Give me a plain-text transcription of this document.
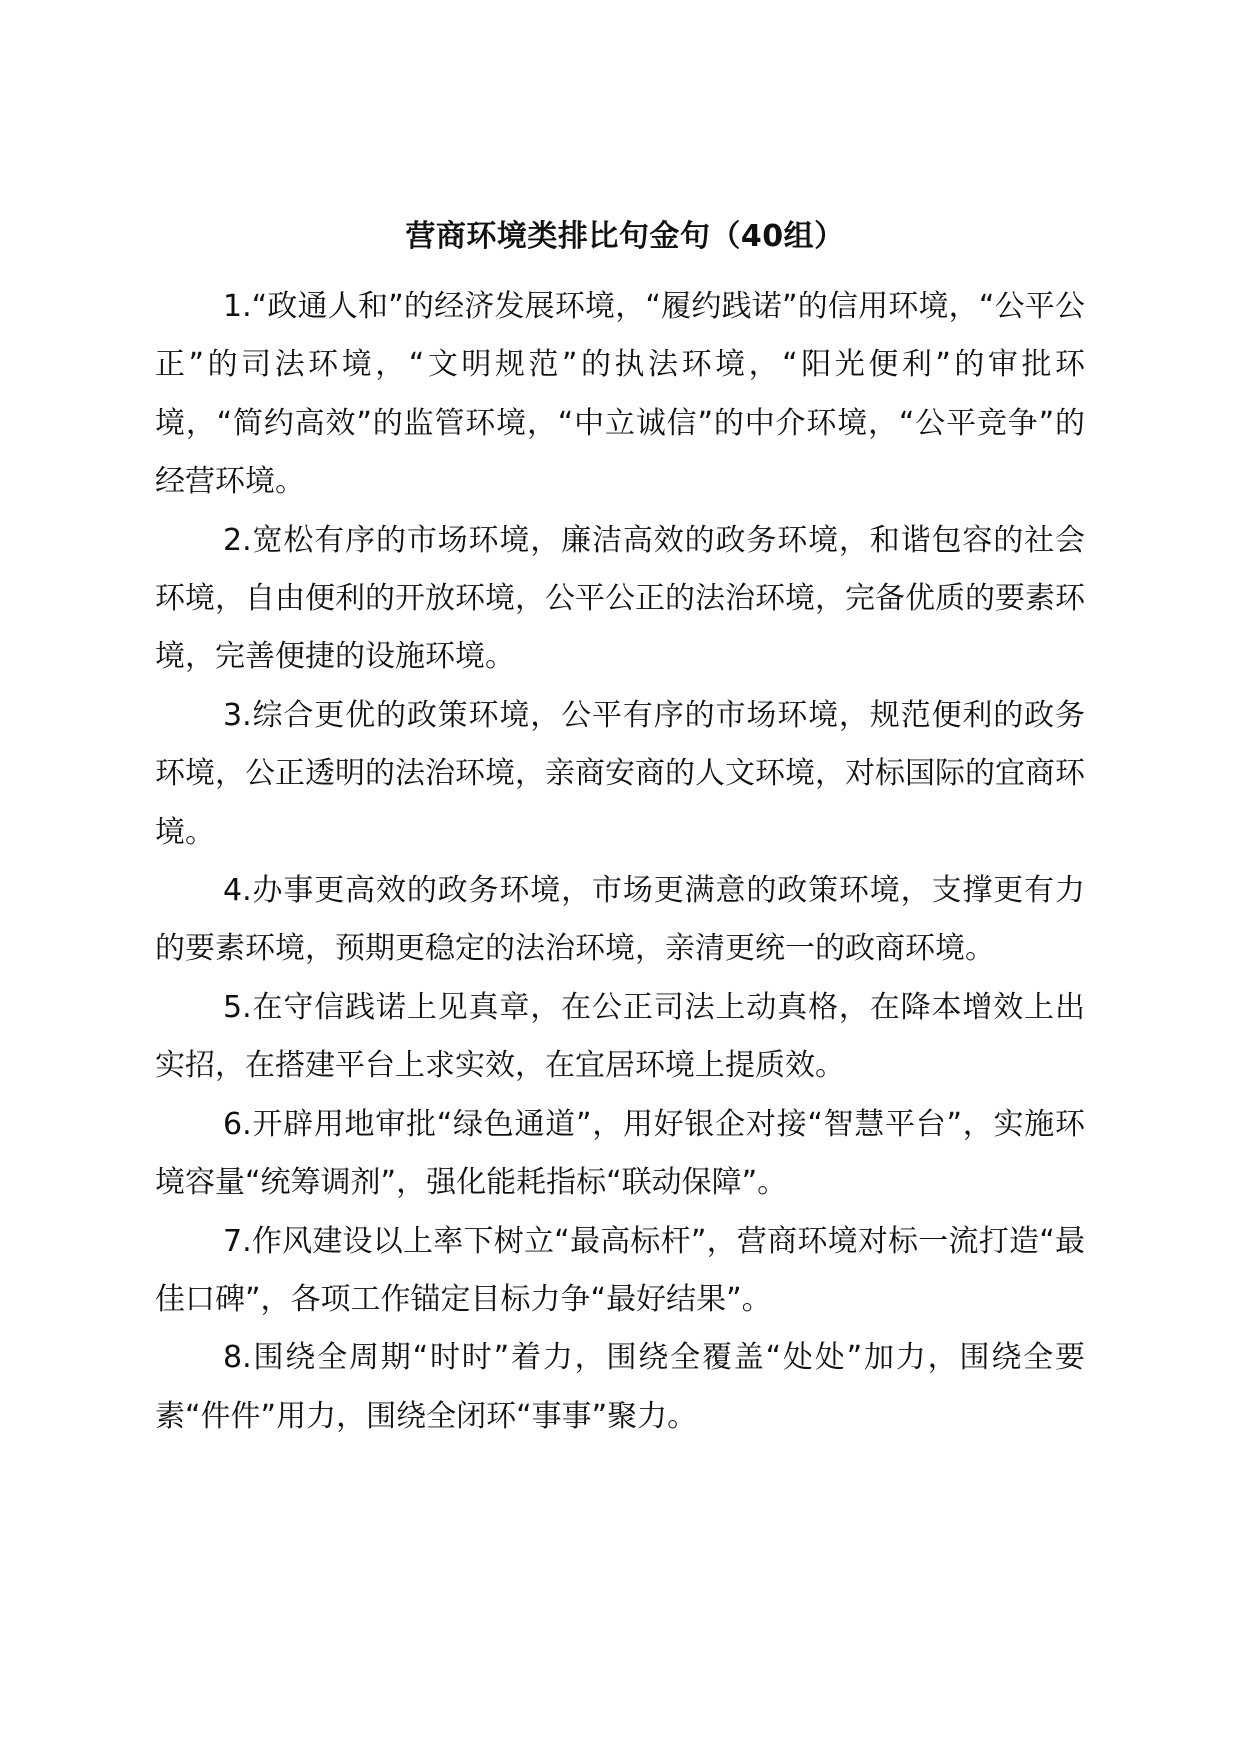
营商环境类排比句金句（40组）

1.“政通人和”的经济发展环境，“履约践诺”的信用环境，“公平公正”的司法环境，“文明规范”的执法环境，“阳光便利”的审批环境，“简约高效”的监管环境，“中立诚信”的中介环境，“公平竞争”的经营环境。

2.宽松有序的市场环境，廉洁高效的政务环境，和谐包容的社会环境，自由便利的开放环境，公平公正的法治环境，完备优质的要素环境，完善便捷的设施环境。

3.综合更优的政策环境，公平有序的市场环境，规范便利的政务环境，公正透明的法治环境，亲商安商的人文环境，对标国际的宜商环境。

4.办事更高效的政务环境，市场更满意的政策环境，支撑更有力的要素环境，预期更稳定的法治环境，亲清更统一的政商环境。

5.在守信践诺上见真章，在公正司法上动真格，在降本增效上出实招，在搭建平台上求实效，在宜居环境上提质效。

6.开辟用地审批“绿色通道”，用好银企对接“智慧平台”，实施环境容量“统筹调剂”，强化能耗指标“联动保障”。

7.作风建设以上率下树立“最高标杆”，营商环境对标一流打造“最佳口碑”，各项工作锚定目标力争“最好结果”。

8.围绕全周期“时时”着力，围绕全覆盖“处处”加力，围绕全要素“件件”用力，围绕全闭环“事事”聚力。
